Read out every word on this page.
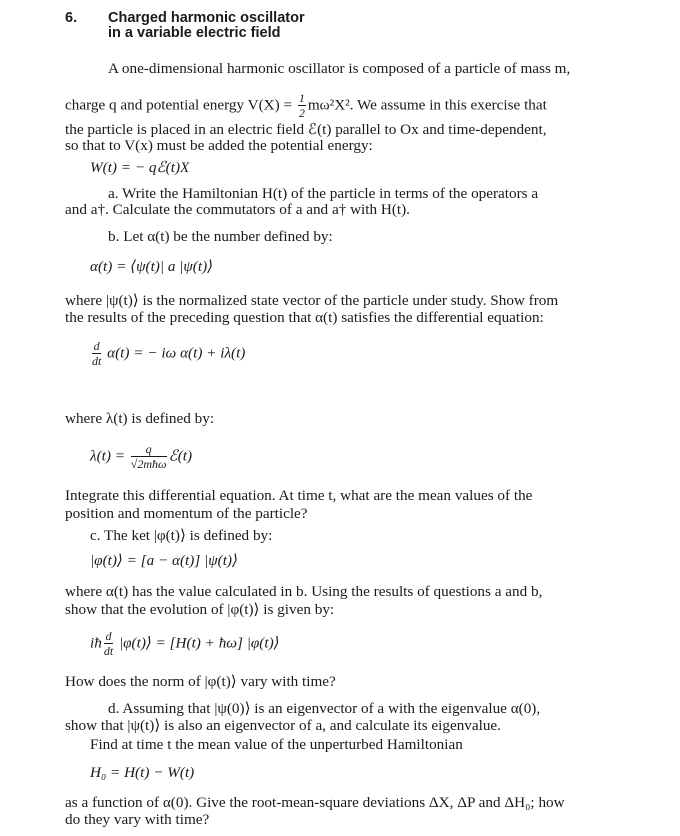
6. Charged harmonic oscillator
in a variable electric field
A one-dimensional harmonic oscillator is composed of a particle of mass m,
charge q and potential energy $V(X) = \frac{1}{2} m\omega^2X^2$. We assume in this exercise that
the particle is placed in an electric field ℰ(t) parallel to Ox and time-dependent,
so that to V(x) must be added the potential energy:
W(t) = − qℰ(t)X
a. Write the Hamiltonian H(t) of the particle in terms of the operators a
and a†. Calculate the commutators of a and a† with H(t).
b. Let α(t) be the number defined by:
α(t) = ⟨ψ(t)| a |ψ(t)⟩
where |ψ(t)⟩ is the normalized state vector of the particle under study. Show from
the results of the preceding question that α(t) satisfies the differential equation:
$\frac{d}{dt} \alpha(t)$ = − iω α(t) + iλ(t)
where λ(t) is defined by:
$\lambda(t) = \frac{q}{\text{√2mħω}}$ ℰ(t)
Integrate this differential equation. At time t, what are the mean values of the
position and momentum of the particle?
c. The ket |φ(t)⟩ is defined by:
|φ(t)⟩ = [a − α(t)] |ψ(t)⟩
where α(t) has the value calculated in b. Using the results of questions a and b,
show that the evolution of |φ(t)⟩ is given by:
iħ $\frac{d}{dt}$ |φ(t)⟩ = [H(t) + ħω] |φ(t)⟩
How does the norm of |φ(t)⟩ vary with time?
d. Assuming that |ψ(0)⟩ is an eigenvector of a with the eigenvalue α(0),
show that |ψ(t)⟩ is also an eigenvector of a, and calculate its eigenvalue.
Find at time t the mean value of the unperturbed Hamiltonian
H₀ = H(t) − W(t)
as a function of α(0). Give the root-mean-square deviations ΔX, ΔP and ΔH₀; how
do they vary with time?
